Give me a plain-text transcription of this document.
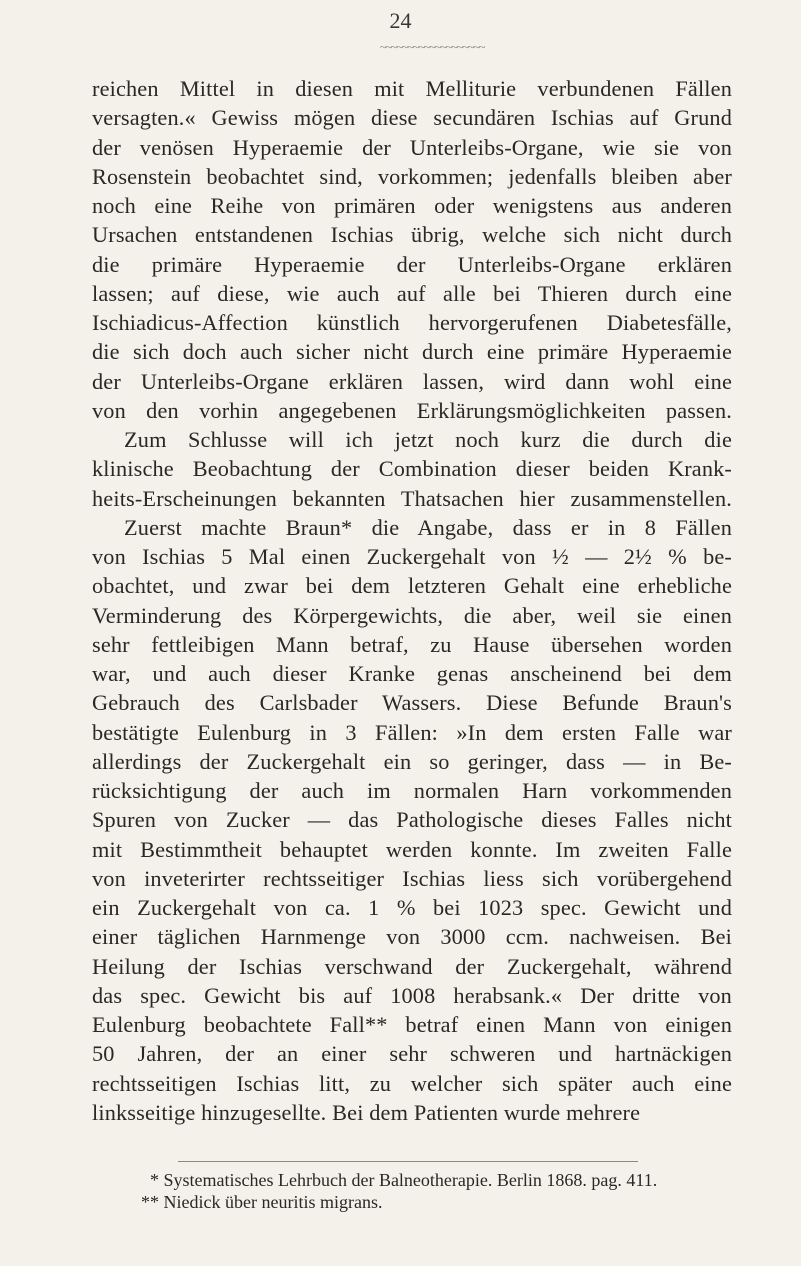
24
~~~~~~~~~~~~~~~~~~~
reichen Mittel in diesen mit Melliturie verbundenen Fällen
versagten.« Gewiss mögen diese secundären Ischias auf Grund
der venösen Hyperaemie der Unterleibs-Organe, wie sie von
Rosenstein beobachtet sind, vorkommen; jedenfalls bleiben aber
noch eine Reihe von primären oder wenigstens aus anderen
Ursachen entstandenen Ischias übrig, welche sich nicht durch
die primäre Hyperaemie der Unterleibs-Organe erklären
lassen; auf diese, wie auch auf alle bei Thieren durch eine
Ischiadicus-Affection künstlich hervorgerufenen Diabetesfälle,
die sich doch auch sicher nicht durch eine primäre Hyperaemie
der Unterleibs-Organe erklären lassen, wird dann wohl eine
von den vorhin angegebenen Erklärungsmöglichkeiten passen.
Zum Schlusse will ich jetzt noch kurz die durch die
klinische Beobachtung der Combination dieser beiden Krank-
heits-Erscheinungen bekannten Thatsachen hier zusammenstellen.
Zuerst machte Braun* die Angabe, dass er in 8 Fällen
von Ischias 5 Mal einen Zuckergehalt von ½ — 2½ % be-
obachtet, und zwar bei dem letzteren Gehalt eine erhebliche
Verminderung des Körpergewichts, die aber, weil sie einen
sehr fettleibigen Mann betraf, zu Hause übersehen worden
war, und auch dieser Kranke genas anscheinend bei dem
Gebrauch des Carlsbader Wassers. Diese Befunde Braun's
bestätigte Eulenburg in 3 Fällen: »In dem ersten Falle war
allerdings der Zuckergehalt ein so geringer, dass — in Be-
rücksichtigung der auch im normalen Harn vorkommenden
Spuren von Zucker — das Pathologische dieses Falles nicht
mit Bestimmtheit behauptet werden konnte. Im zweiten Falle
von inveterirter rechtsseitiger Ischias liess sich vorübergehend
ein Zuckergehalt von ca. 1 % bei 1023 spec. Gewicht und
einer täglichen Harnmenge von 3000 ccm. nachweisen. Bei
Heilung der Ischias verschwand der Zuckergehalt, während
das spec. Gewicht bis auf 1008 herabsank.« Der dritte von
Eulenburg beobachtete Fall** betraf einen Mann von einigen
50 Jahren, der an einer sehr schweren und hartnäckigen
rechtsseitigen Ischias litt, zu welcher sich später auch eine
linksseitige hinzugesellte. Bei dem Patienten wurde mehrere
* Systematisches Lehrbuch der Balneotherapie. Berlin 1868. pag. 411.
** Niedick über neuritis migrans.
